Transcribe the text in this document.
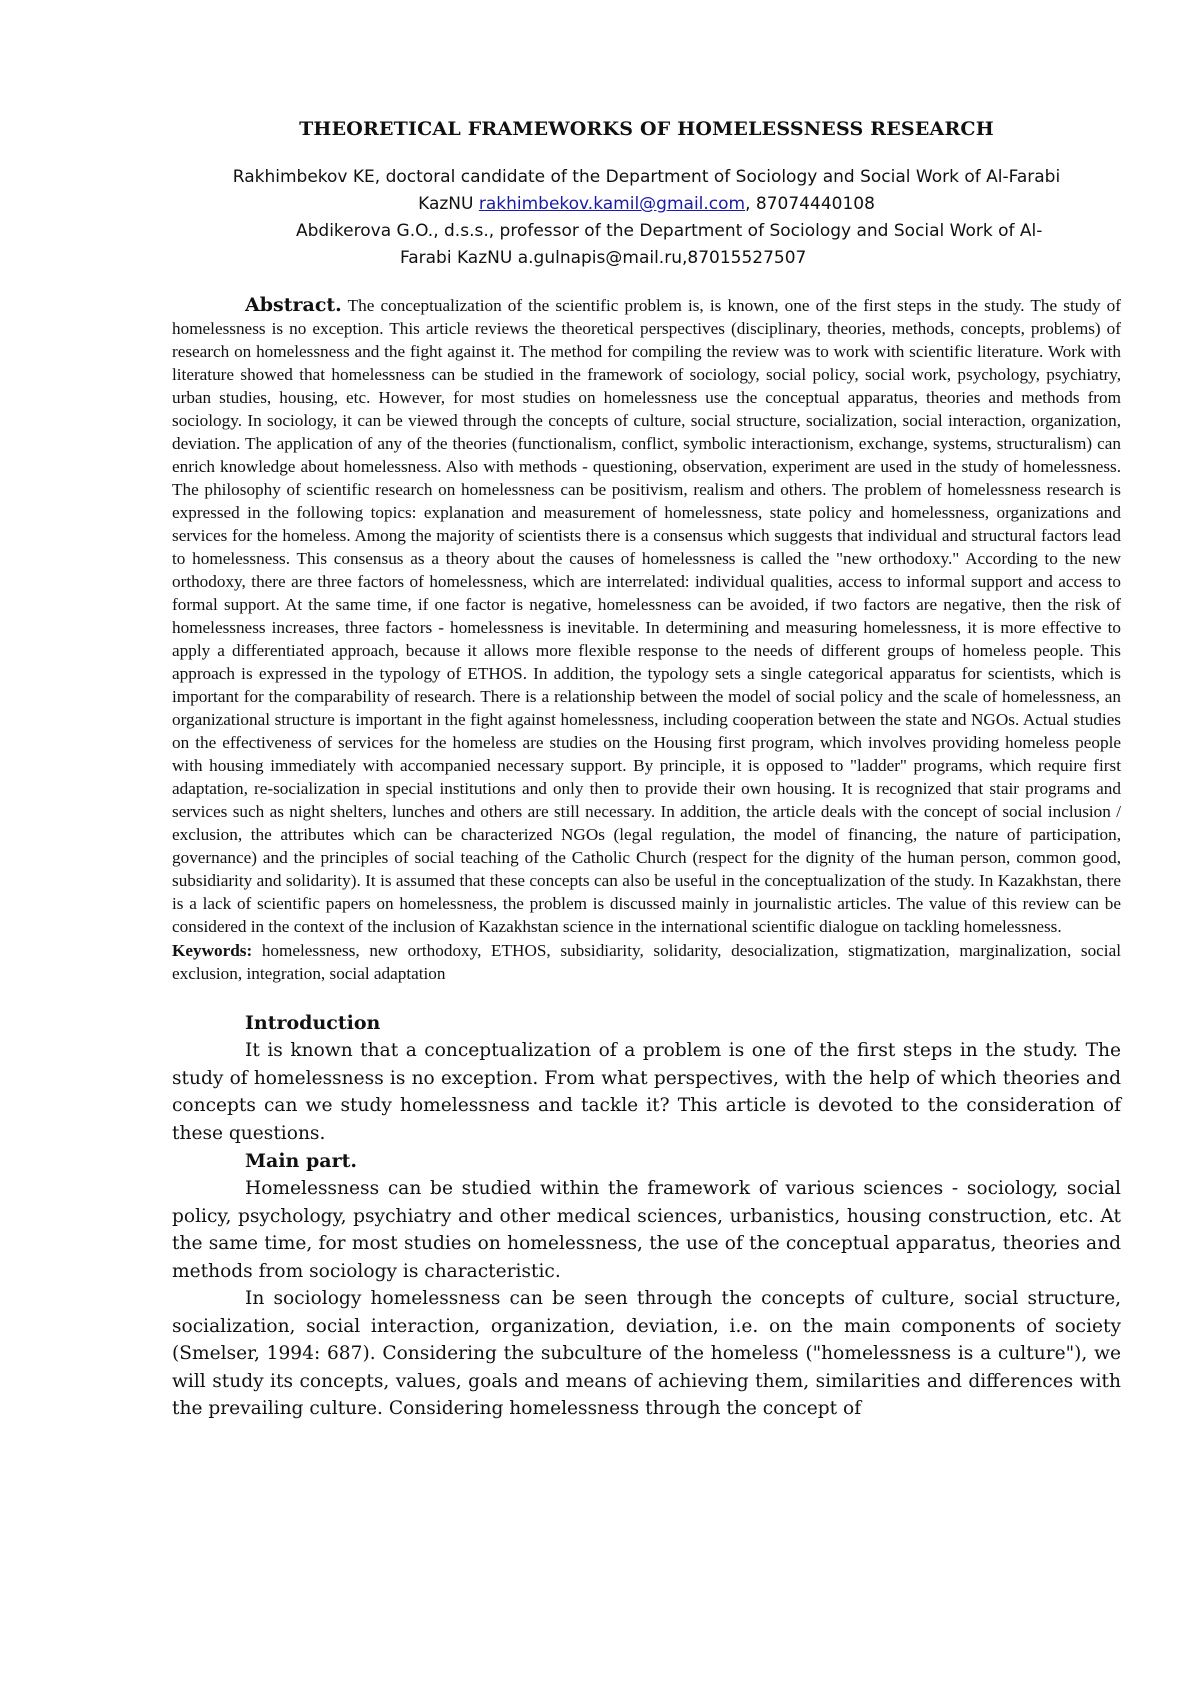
THEORETICAL FRAMEWORKS OF HOMELESSNESS RESEARCH

Rakhimbekov KE, doctoral candidate of the Department of Sociology and Social Work of Al-Farabi
KazNU rakhimbekov.kamil@gmail.com, 87074440108

Abdikerova G.O., d.s.s., professor of the Department of Sociology and Social Work of Al-
Farabi KazNU a.gulnapis@mail.ru,87015527507

Abstract. The conceptualization of the scientific problem is, is known, one of the first steps in the study. The study of homelessness is no exception. This article reviews the theoretical perspectives (disciplinary, theories, methods, concepts, problems) of research on homelessness and the fight against it. The method for compiling the review was to work with scientific literature. Work with literature showed that homelessness can be studied in the framework of sociology, social policy, social work, psychology, psychiatry, urban studies, housing, etc. However, for most studies on homelessness use the conceptual apparatus, theories and methods from sociology. In sociology, it can be viewed through the concepts of culture, social structure, socialization, social interaction, organization, deviation. The application of any of the theories (functionalism, conflict, symbolic interactionism, exchange, systems, structuralism) can enrich knowledge about homelessness. Also with methods - questioning, observation, experiment are used in the study of homelessness. The philosophy of scientific research on homelessness can be positivism, realism and others. The problem of homelessness research is expressed in the following topics: explanation and measurement of homelessness, state policy and homelessness, organizations and services for the homeless. Among the majority of scientists there is a consensus which suggests that individual and structural factors lead to homelessness. This consensus as a theory about the causes of homelessness is called the "new orthodoxy." According to the new orthodoxy, there are three factors of homelessness, which are interrelated: individual qualities, access to informal support and access to formal support. At the same time, if one factor is negative, homelessness can be avoided, if two factors are negative, then the risk of homelessness increases, three factors - homelessness is inevitable. In determining and measuring homelessness, it is more effective to apply a differentiated approach, because it allows more flexible response to the needs of different groups of homeless people. This approach is expressed in the typology of ETHOS. In addition, the typology sets a single categorical apparatus for scientists, which is important for the comparability of research. There is a relationship between the model of social policy and the scale of homelessness, an organizational structure is important in the fight against homelessness, including cooperation between the state and NGOs. Actual studies on the effectiveness of services for the homeless are studies on the Housing first program, which involves providing homeless people with housing immediately with accompanied necessary support. By principle, it is opposed to "ladder" programs, which require first adaptation, re-socialization in special institutions and only then to provide their own housing. It is recognized that stair programs and services such as night shelters, lunches and others are still necessary. In addition, the article deals with the concept of social inclusion / exclusion, the attributes which can be characterized NGOs (legal regulation, the model of financing, the nature of participation, governance) and the principles of social teaching of the Catholic Church (respect for the dignity of the human person, common good, subsidiarity and solidarity). It is assumed that these concepts can also be useful in the conceptualization of the study. In Kazakhstan, there is a lack of scientific papers on homelessness, the problem is discussed mainly in journalistic articles. The value of this review can be considered in the context of the inclusion of Kazakhstan science in the international scientific dialogue on tackling homelessness.
Keywords: homelessness, new orthodoxy, ETHOS, subsidiarity, solidarity, desocialization, stigmatization, marginalization, social exclusion, integration, social adaptation
Introduction

It is known that a conceptualization of a problem is one of the first steps in the study. The study of homelessness is no exception. From what perspectives, with the help of which theories and concepts can we study homelessness and tackle it? This article is devoted to the consideration of these questions.

Main part.

Homelessness can be studied within the framework of various sciences - sociology, social policy, psychology, psychiatry and other medical sciences, urbanistics, housing construction, etc. At the same time, for most studies on homelessness, the use of the conceptual apparatus, theories and methods from sociology is characteristic.

In sociology homelessness can be seen through the concepts of culture, social structure, socialization, social interaction, organization, deviation, i.e. on the main components of society (Smelser, 1994: 687). Considering the subculture of the homeless ("homelessness is a culture"), we will study its concepts, values, goals and means of achieving them, similarities and differences with the prevailing culture. Considering homelessness through the concept of
